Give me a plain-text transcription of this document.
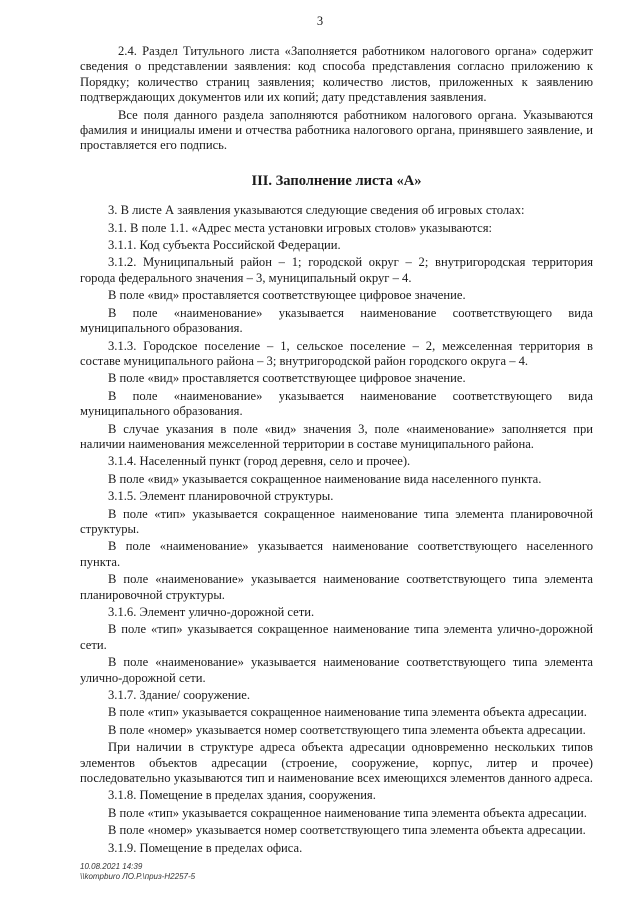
3

2.4. Раздел Титульного листа «Заполняется работником налогового органа» содержит сведения о представлении заявления: код способа представления согласно приложению к Порядку; количество страниц заявления; количество листов, приложенных к заявлению подтверждающих документов или их копий; дату представления заявления.

Все поля данного раздела заполняются работником налогового органа. Указываются фамилия и инициалы имени и отчества работника налогового органа, принявшего заявление, и проставляется его подпись.

III. Заполнение листа «А»

3. В листе А заявления указываются следующие сведения об игровых столах:

3.1. В поле 1.1. «Адрес места установки игровых столов» указываются:

3.1.1. Код субъекта Российской Федерации.

3.1.2. Муниципальный район – 1; городской округ – 2; внутригородская территория города федерального значения – 3, муниципальный округ – 4.

В поле «вид» проставляется соответствующее цифровое значение.

В поле «наименование» указывается наименование соответствующего вида муниципального образования.

3.1.3. Городское поселение – 1, сельское поселение – 2, межселенная территория в составе муниципального района – 3; внутригородской район городского округа – 4.

В поле «вид» проставляется соответствующее цифровое значение.

В поле «наименование» указывается наименование соответствующего вида муниципального образования.

В случае указания в поле «вид» значения 3, поле «наименование» заполняется при наличии наименования межселенной территории в составе муниципального района.

3.1.4. Населенный пункт (город деревня, село и прочее).

В поле «вид» указывается сокращенное наименование вида населенного пункта.

3.1.5. Элемент планировочной структуры.

В поле «тип» указывается сокращенное наименование типа элемента планировочной структуры.

В поле «наименование» указывается наименование соответствующего населенного пункта.

В поле «наименование» указывается наименование соответствующего типа элемента планировочной структуры.

3.1.6. Элемент улично-дорожной сети.

В поле «тип» указывается сокращенное наименование типа элемента улично-дорожной сети.

В поле «наименование» указывается наименование соответствующего типа элемента улично-дорожной сети.

3.1.7. Здание/ сооружение.

В поле «тип» указывается сокращенное наименование типа элемента объекта адресации.

В поле «номер» указывается номер соответствующего типа элемента объекта адресации.

При наличии в структуре адреса объекта адресации одновременно нескольких типов элементов объектов адресации (строение, сооружение, корпус, литер и прочее) последовательно указываются тип и наименование всех имеющихся элементов данного адреса.

3.1.8. Помещение в пределах здания, сооружения.

В поле «тип» указывается сокращенное наименование типа элемента объекта адресации.

В поле «номер» указывается номер соответствующего типа элемента объекта адресации.

3.1.9. Помещение в пределах офиса.

10.08.2021 14:39
\\kompburo ЛО.Р.\приз-Н2257-5
